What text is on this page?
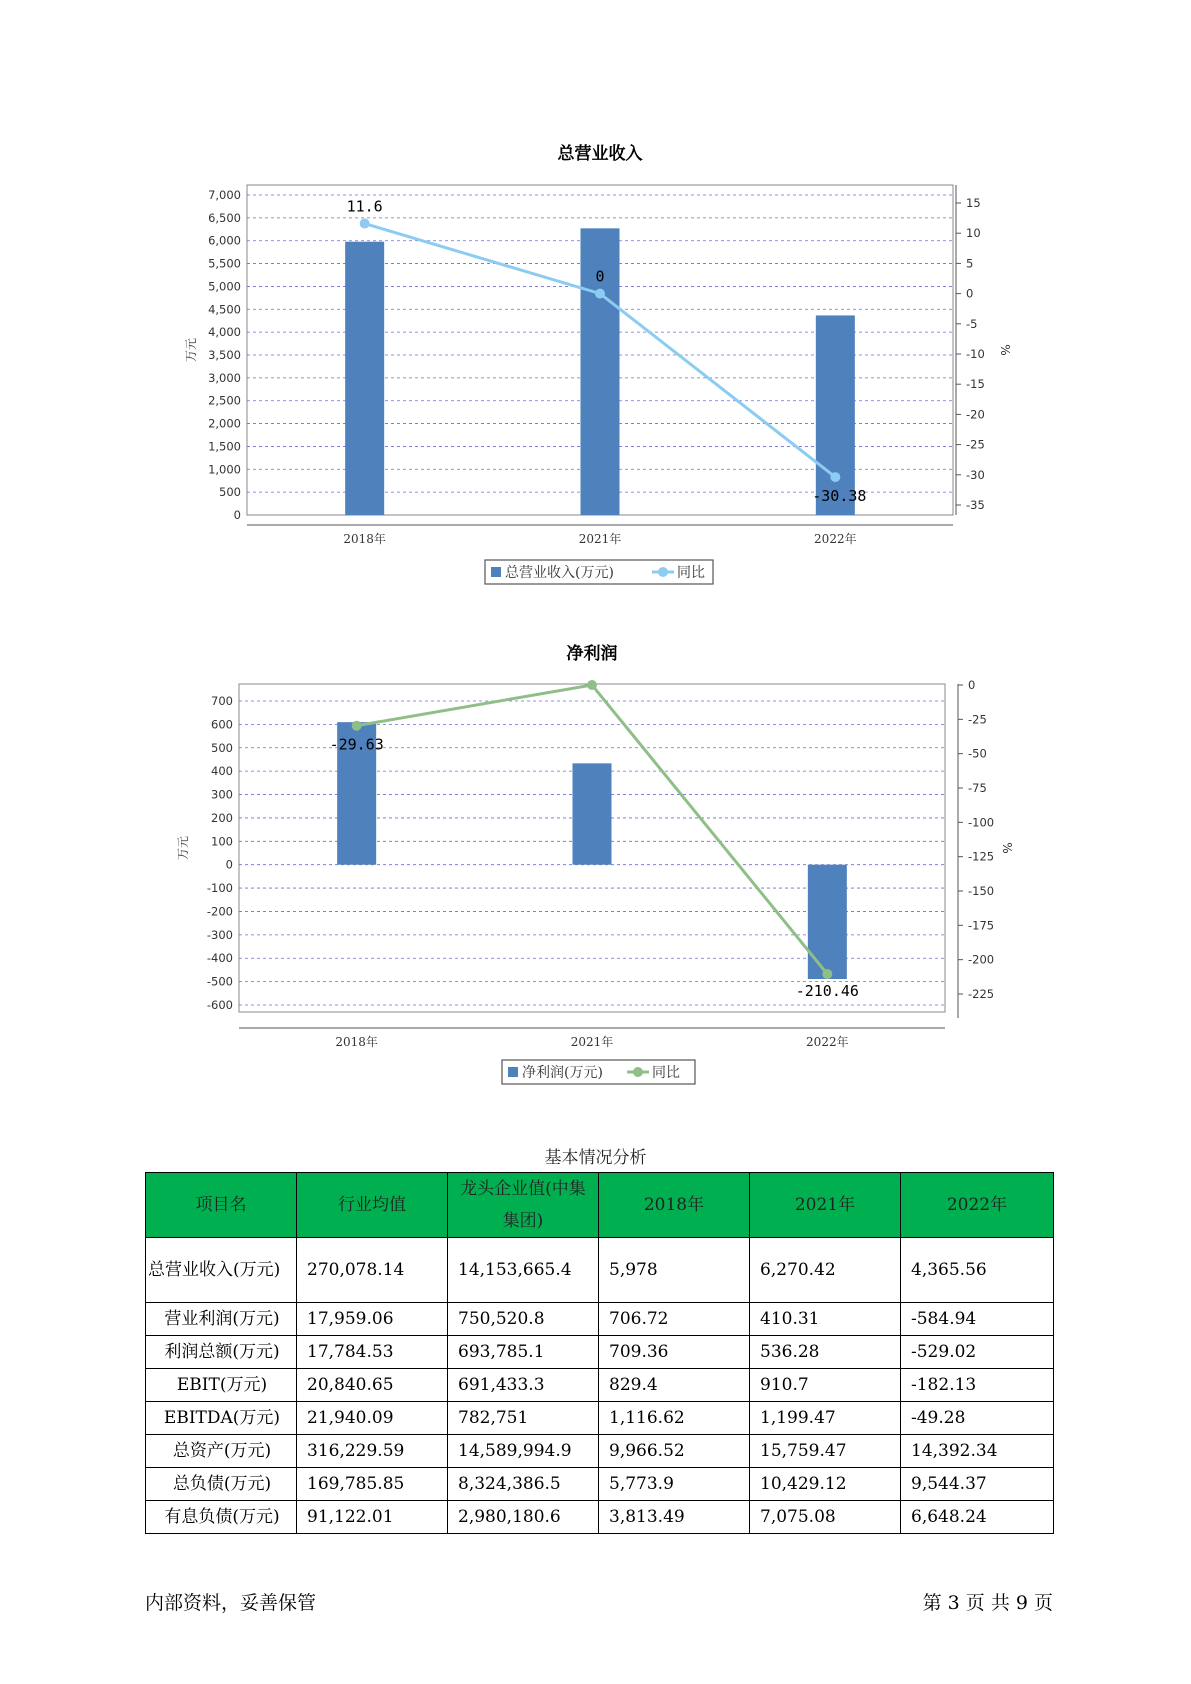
总营业收入
0
500
1,000
1,500
2,000
2,500
3,000
3,500
4,000
4,500
5,000
5,500
6,000
6,500
7,000
15
10
5
0
-5
-10
-15
-20
-25
-30
-35
万元	%
2018年	2021年	2022年
11.6
0
-30.38
总营业收入(万元)	同比
净利润
700
600
500
400
300
200
100
0
-100
-200
-300
-400
-500
-600
0
-25
-50
-75
-100
-125
-150
-175
-200
-225
万元	%
2018年	2021年	2022年
-29.63
-210.46
净利润(万元)	同比
基本情况分析
项目名	行业均值	龙头企业值(中集集团)	2018年	2021年	2022年
总营业收入(万元)	270,078.14	14,153,665.4	5,978	6,270.42	4,365.56
营业利润(万元)	17,959.06	750,520.8	706.72	410.31	-584.94
利润总额(万元)	17,784.53	693,785.1	709.36	536.28	-529.02
EBIT(万元)	20,840.65	691,433.3	829.4	910.7	-182.13
EBITDA(万元)	21,940.09	782,751	1,116.62	1,199.47	-49.28
总资产(万元)	316,229.59	14,589,994.9	9,966.52	15,759.47	14,392.34
总负债(万元)	169,785.85	8,324,386.5	5,773.9	10,429.12	9,544.37
有息负债(万元)	91,122.01	2,980,180.6	3,813.49	7,075.08	6,648.24
内部资料，妥善保管	第 3 页 共 9 页
